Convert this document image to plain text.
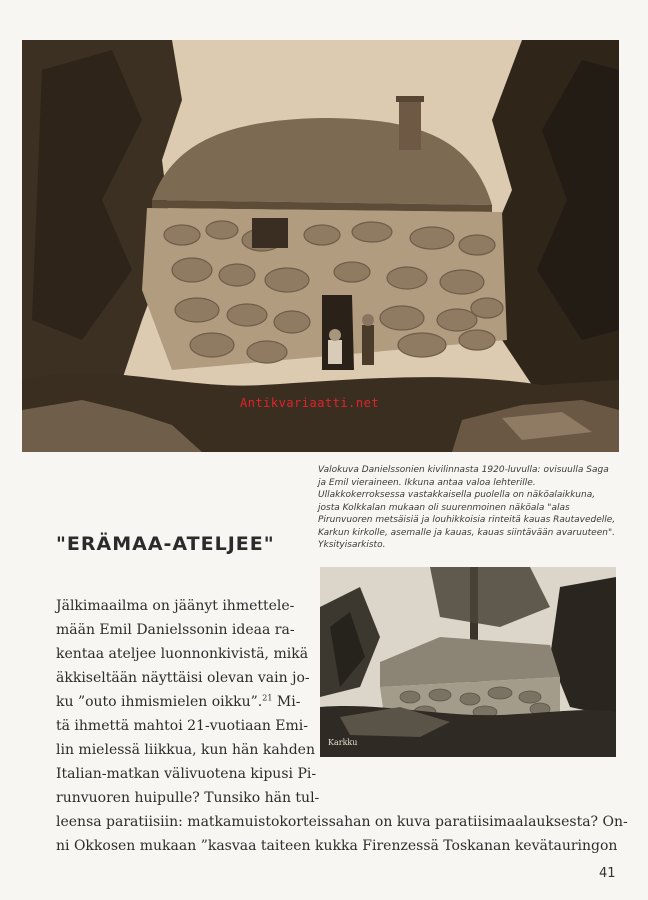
Antikvariaatti.net
Valokuva Danielssonien kivilinnasta 1920-luvulla: ovisuulla Saga ja Emil vieraineen. Ikkuna antaa valoa lehterille. Ullakkokerroksessa vastakkaisella puolella on näköalaikkuna, josta Kolkkalan mukaan oli suurenmoinen näköala "alas Pirunvuoren metsäisiä ja louhikkoisia rinteitä kauas Rautavedelle, Karkun kirkolle, asemalle ja kauas, kauas siintävään avaruuteen". Yksityisarkisto.
"ERÄMAA-ATELJEE"
Karkku
Jälkimaailma on jäänyt ihmettele-
mään Emil Danielssonin ideaa ra-
kentaa ateljee luonnonkivistä, mikä
äkkiseltään näyttäisi olevan vain jo-
ku ”outo ihmismielen oikku”.$^{21}$ Mi-
tä ihmettä mahtoi 21-vuotiaan Emi-
lin mielessä liikkua, kun hän kahden
Italian-matkan välivuotena kipusi Pi-
runvuoren huipulle? Tunsiko hän tul-
leensa paratiisiin: matkamuistokorteissahan on kuva paratiisimaalauksesta? On-
ni Okkosen mukaan ”kasvaa taiteen kukka Firenzessä Toskanan kevätauringon
41
